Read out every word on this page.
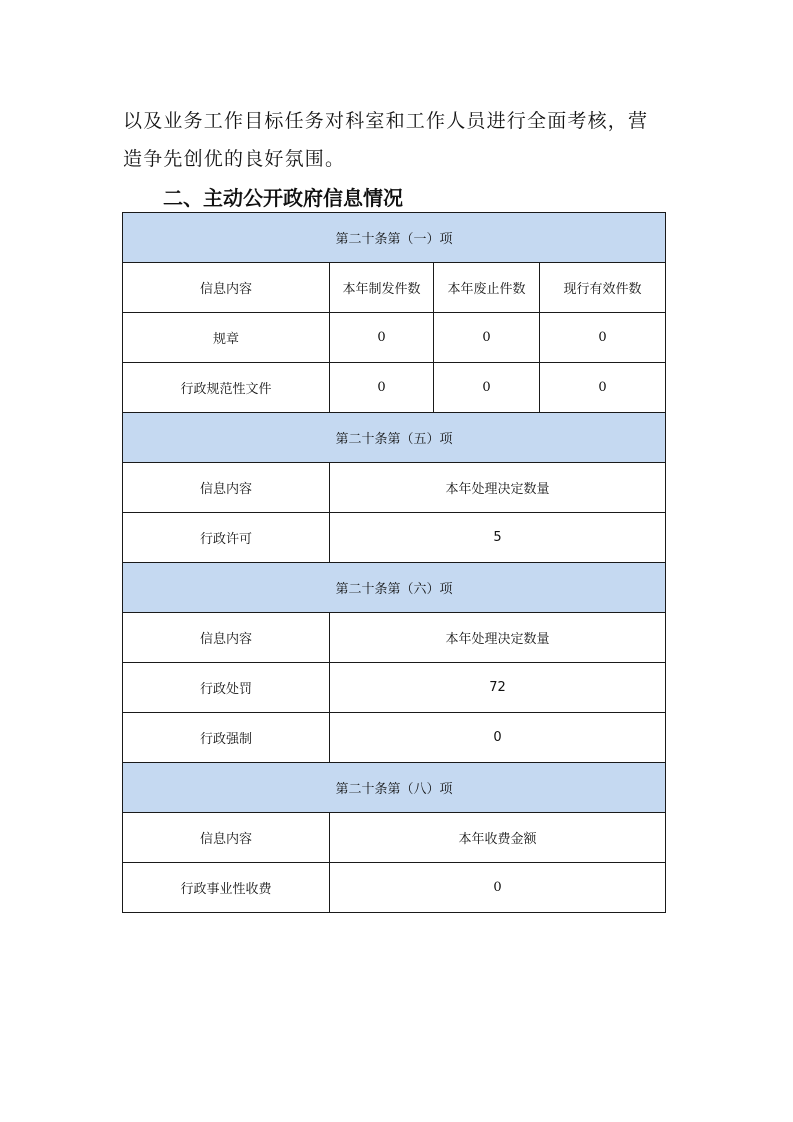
以及业务工作目标任务对科室和工作人员进行全面考核，营
造争先创优的良好氛围。
二、主动公开政府信息情况
第二十条第（一）项			
信息内容	本年制发件数	本年废止件数	现行有效件数
规章	0	0	0
行政规范性文件	0	0	0
第二十条第（五）项			
信息内容	本年处理决定数量		
行政许可	5		
第二十条第（六）项			
信息内容	本年处理决定数量		
行政处罚	72		
行政强制	0		
第二十条第（八）项			
信息内容	本年收费金额		
行政事业性收费	0		
